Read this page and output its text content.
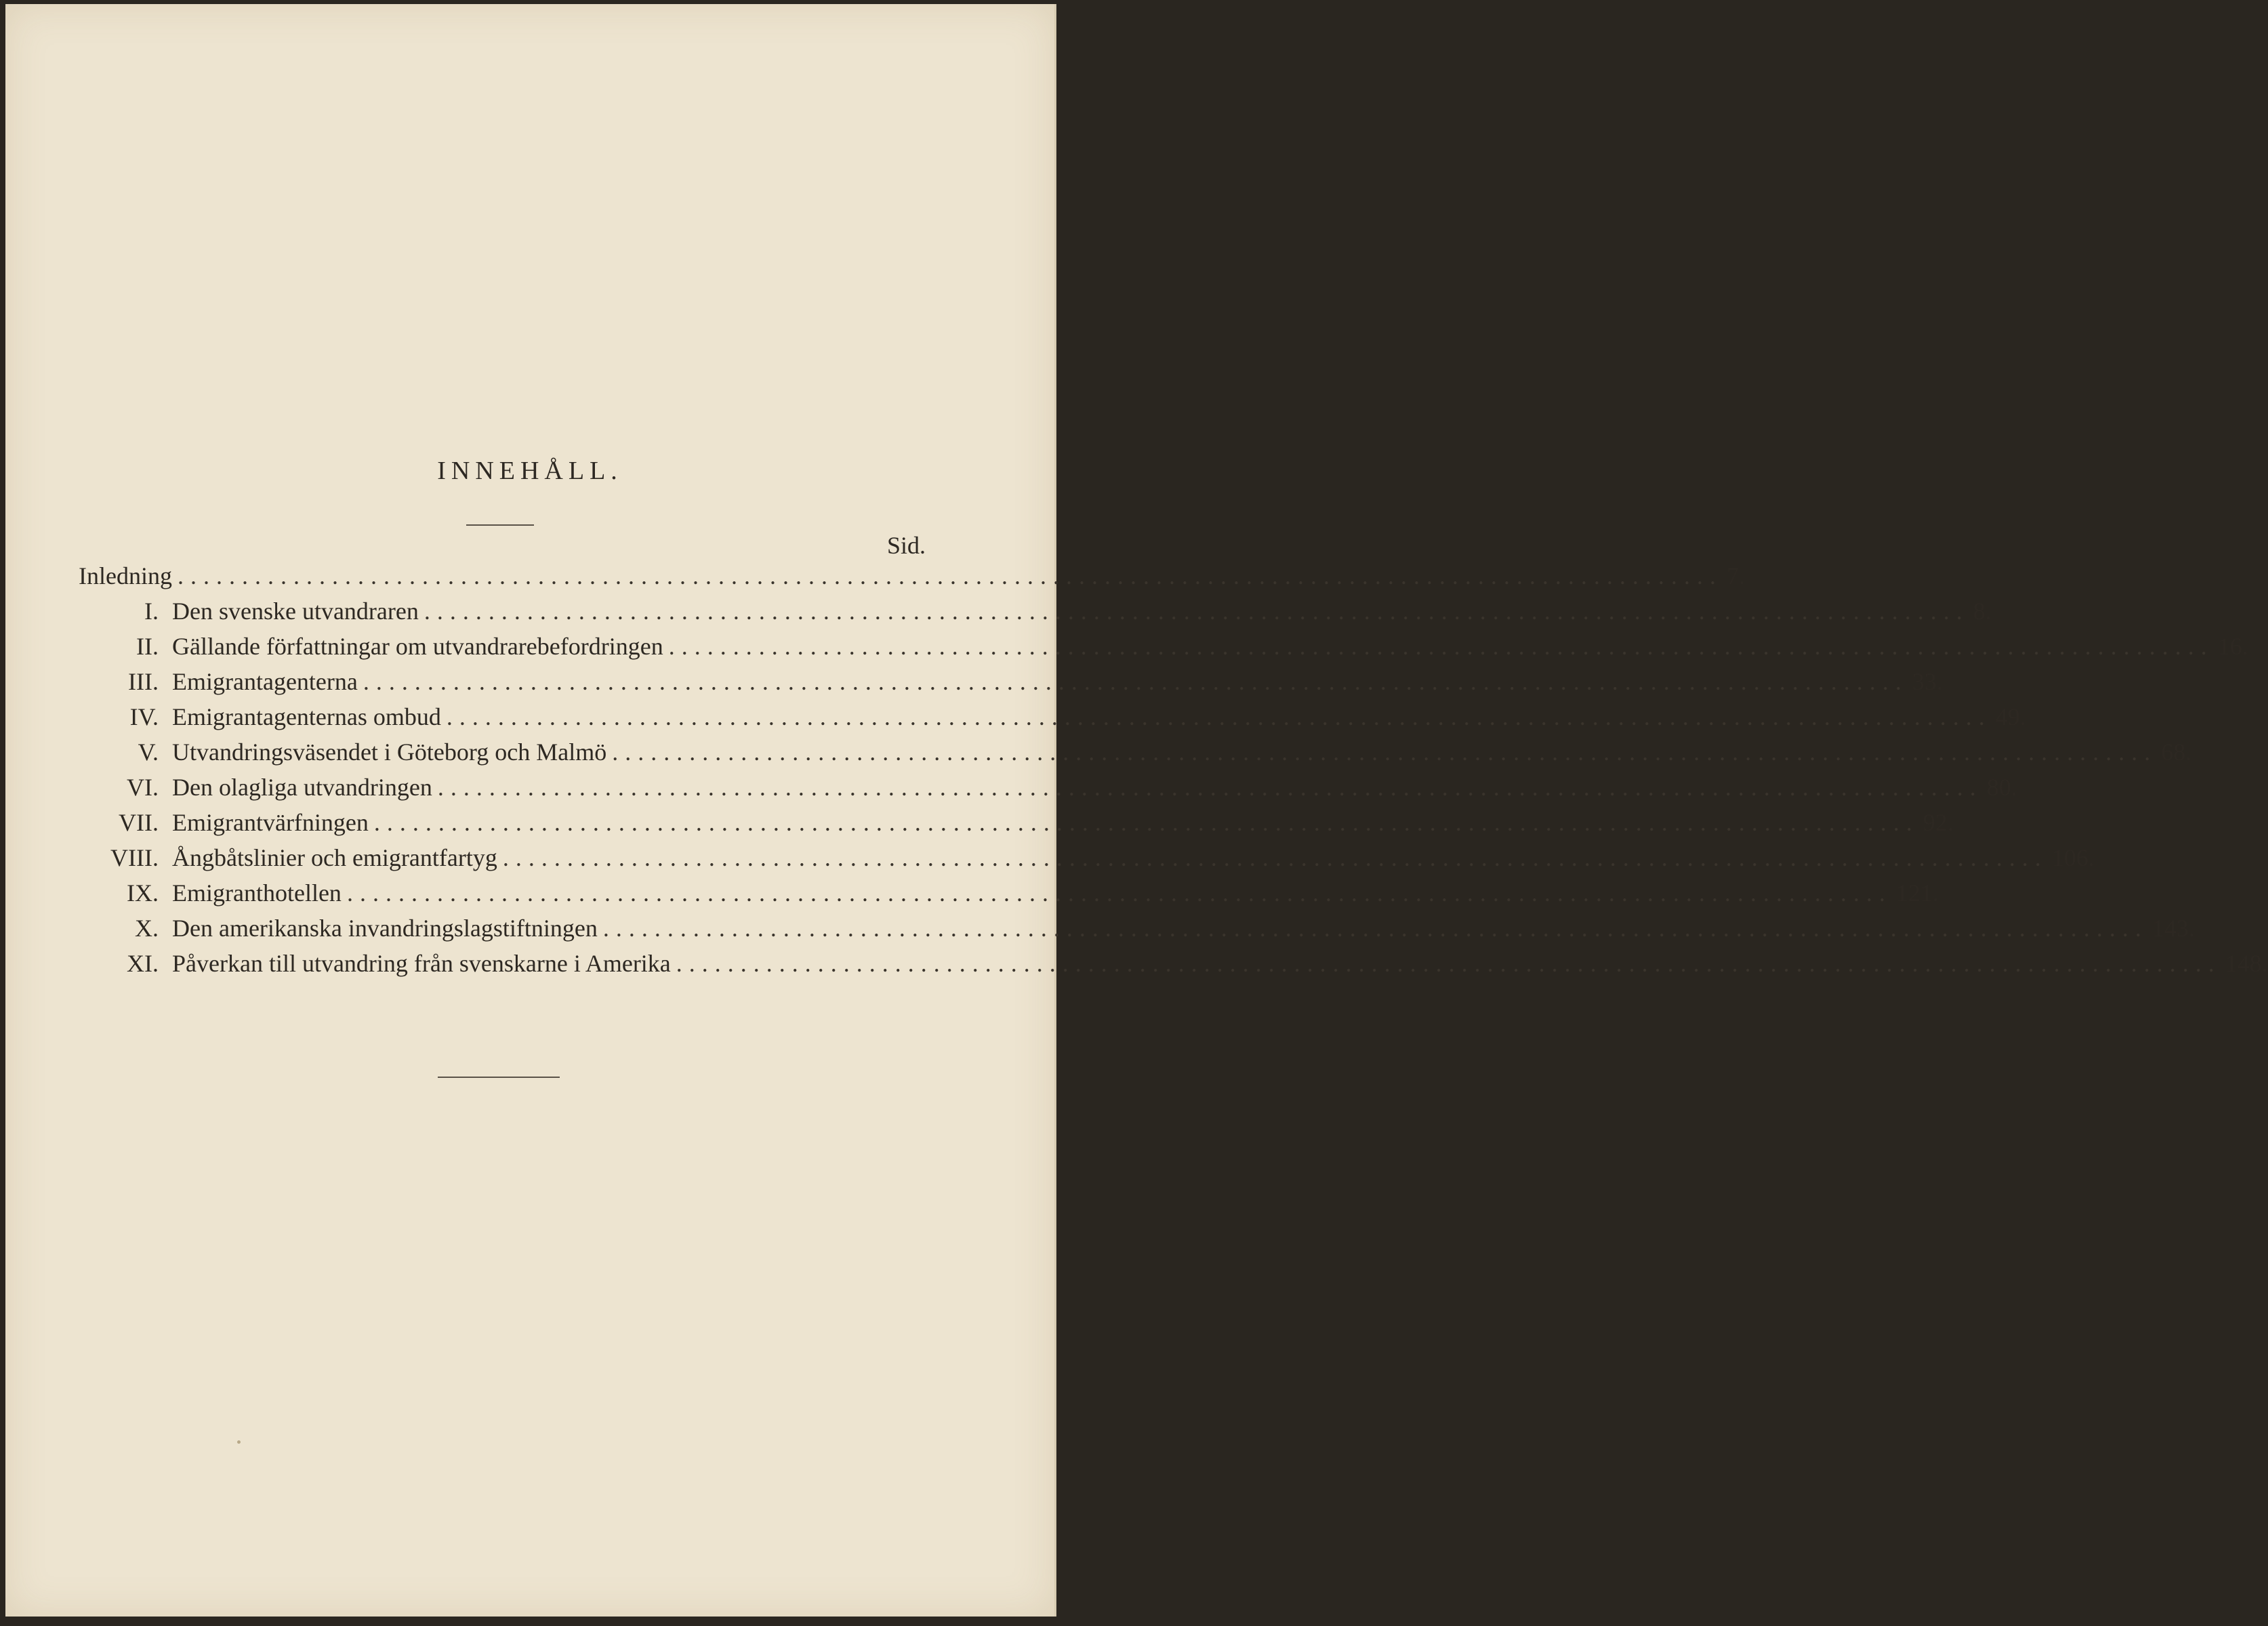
INNEHÅLL.
Sid.
Inledning ........................................................................................................................ 7.
I. Den svenske utvandraren ........................................................................................................................ 8.
II. Gällande författningar om utvandrarebefordringen ........................................................................................................................ 16.
III. Emigrantagenterna ........................................................................................................................ 33.
IV. Emigrantagenternas ombud ........................................................................................................................ 49.
V. Utvandringsväsendet i Göteborg och Malmö ........................................................................................................................ 68.
VI. Den olagliga utvandringen ........................................................................................................................ 80.
VII. Emigrantvärfningen ........................................................................................................................ 92.
VIII. Ångbåtslinier och emigrantfartyg ........................................................................................................................ 106.
IX. Emigranthotellen ........................................................................................................................ 121.
X. Den amerikanska invandringslagstiftningen ........................................................................................................................ 143.
XI. Påverkan till utvandring från svenskarne i Amerika ........................................................................................................................ 148.
